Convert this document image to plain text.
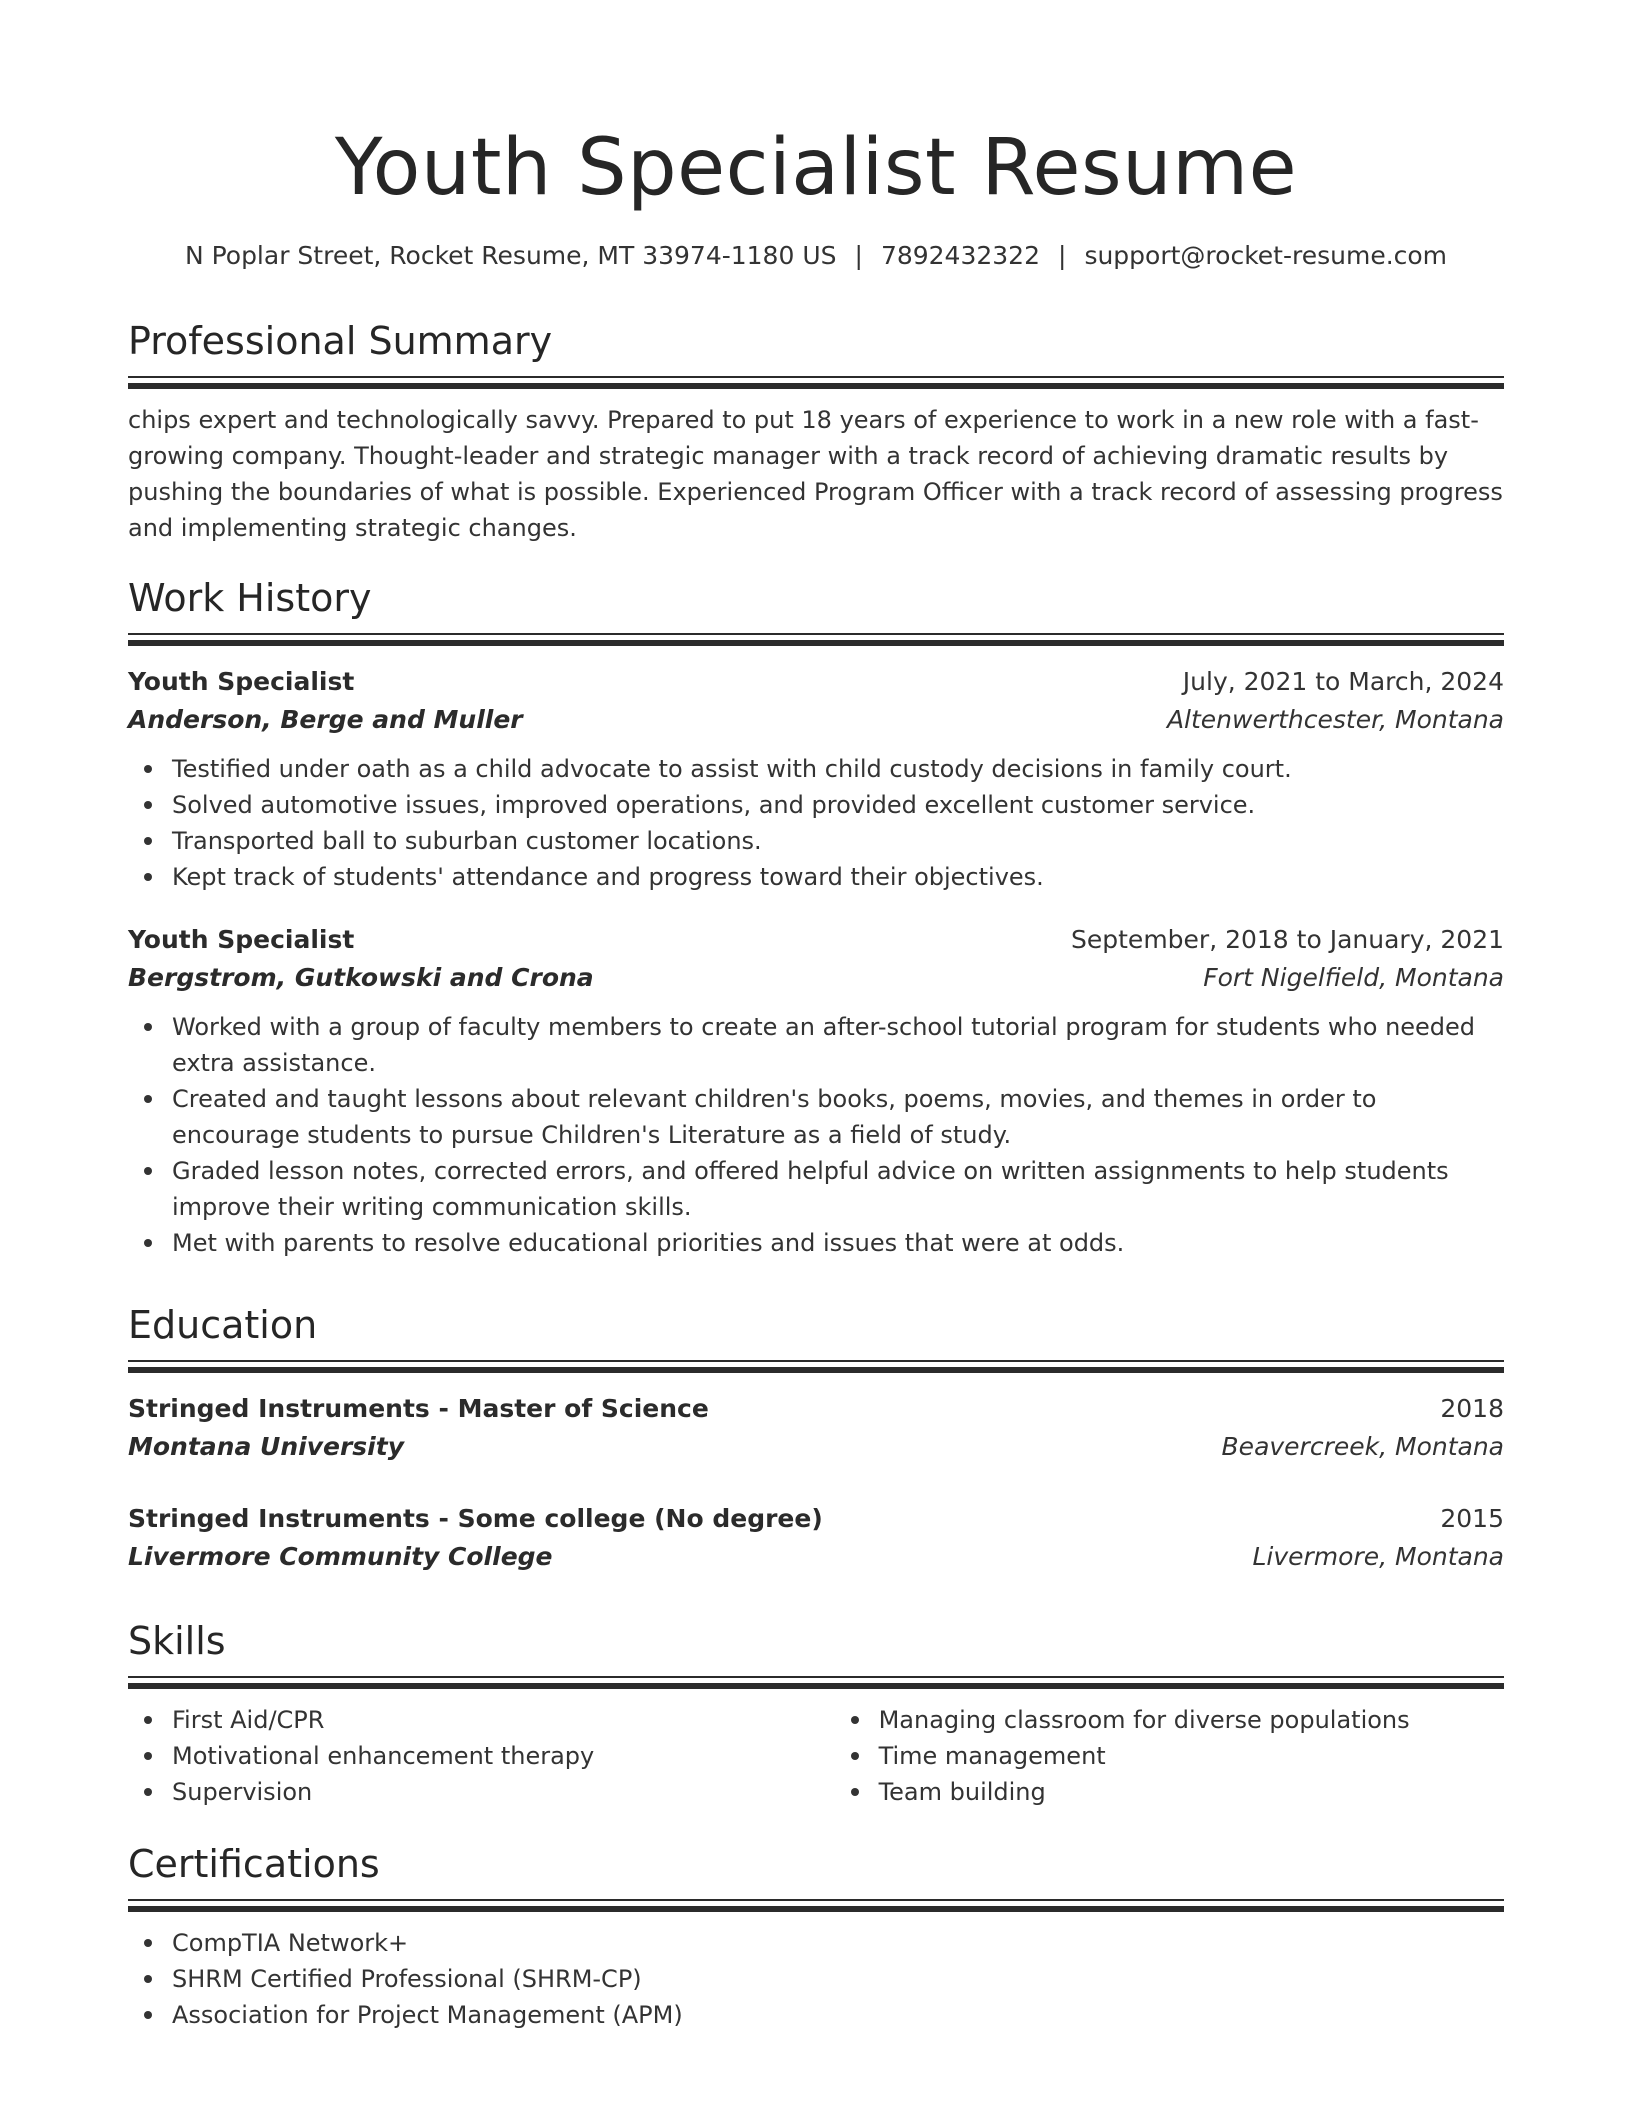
Youth Specialist Resume
N Poplar Street, Rocket Resume, MT 33974-1180 US | 7892432322 | support@rocket-resume.com
Professional Summary

chips expert and technologically savvy. Prepared to put 18 years of experience to work in a new role with a fast-growing company. Thought-leader and strategic manager with a track record of achieving dramatic results by pushing the boundaries of what is possible. Experienced Program Officer with a track record of assessing progress and implementing strategic changes.

Work History
Youth Specialist	July, 2021 to March, 2024
Anderson, Berge and Muller	Altenwerthcester, Montana
Testified under oath as a child advocate to assist with child custody decisions in family court.
Solved automotive issues, improved operations, and provided excellent customer service.
Transported ball to suburban customer locations.
Kept track of students' attendance and progress toward their objectives.
Youth Specialist	September, 2018 to January, 2021
Bergstrom, Gutkowski and Crona	Fort Nigelfield, Montana
Worked with a group of faculty members to create an after-school tutorial program for students who needed extra assistance.
Created and taught lessons about relevant children's books, poems, movies, and themes in order to encourage students to pursue Children's Literature as a field of study.
Graded lesson notes, corrected errors, and offered helpful advice on written assignments to help students improve their writing communication skills.
Met with parents to resolve educational priorities and issues that were at odds.
Education
Stringed Instruments - Master of Science	2018
Montana University	Beavercreek, Montana
Stringed Instruments - Some college (No degree)	2015
Livermore Community College	Livermore, Montana
Skills
First Aid/CPR
Motivational enhancement therapy
Supervision
Managing classroom for diverse populations
Time management
Team building
Certifications
CompTIA Network+
SHRM Certified Professional (SHRM-CP)
Association for Project Management (APM)
